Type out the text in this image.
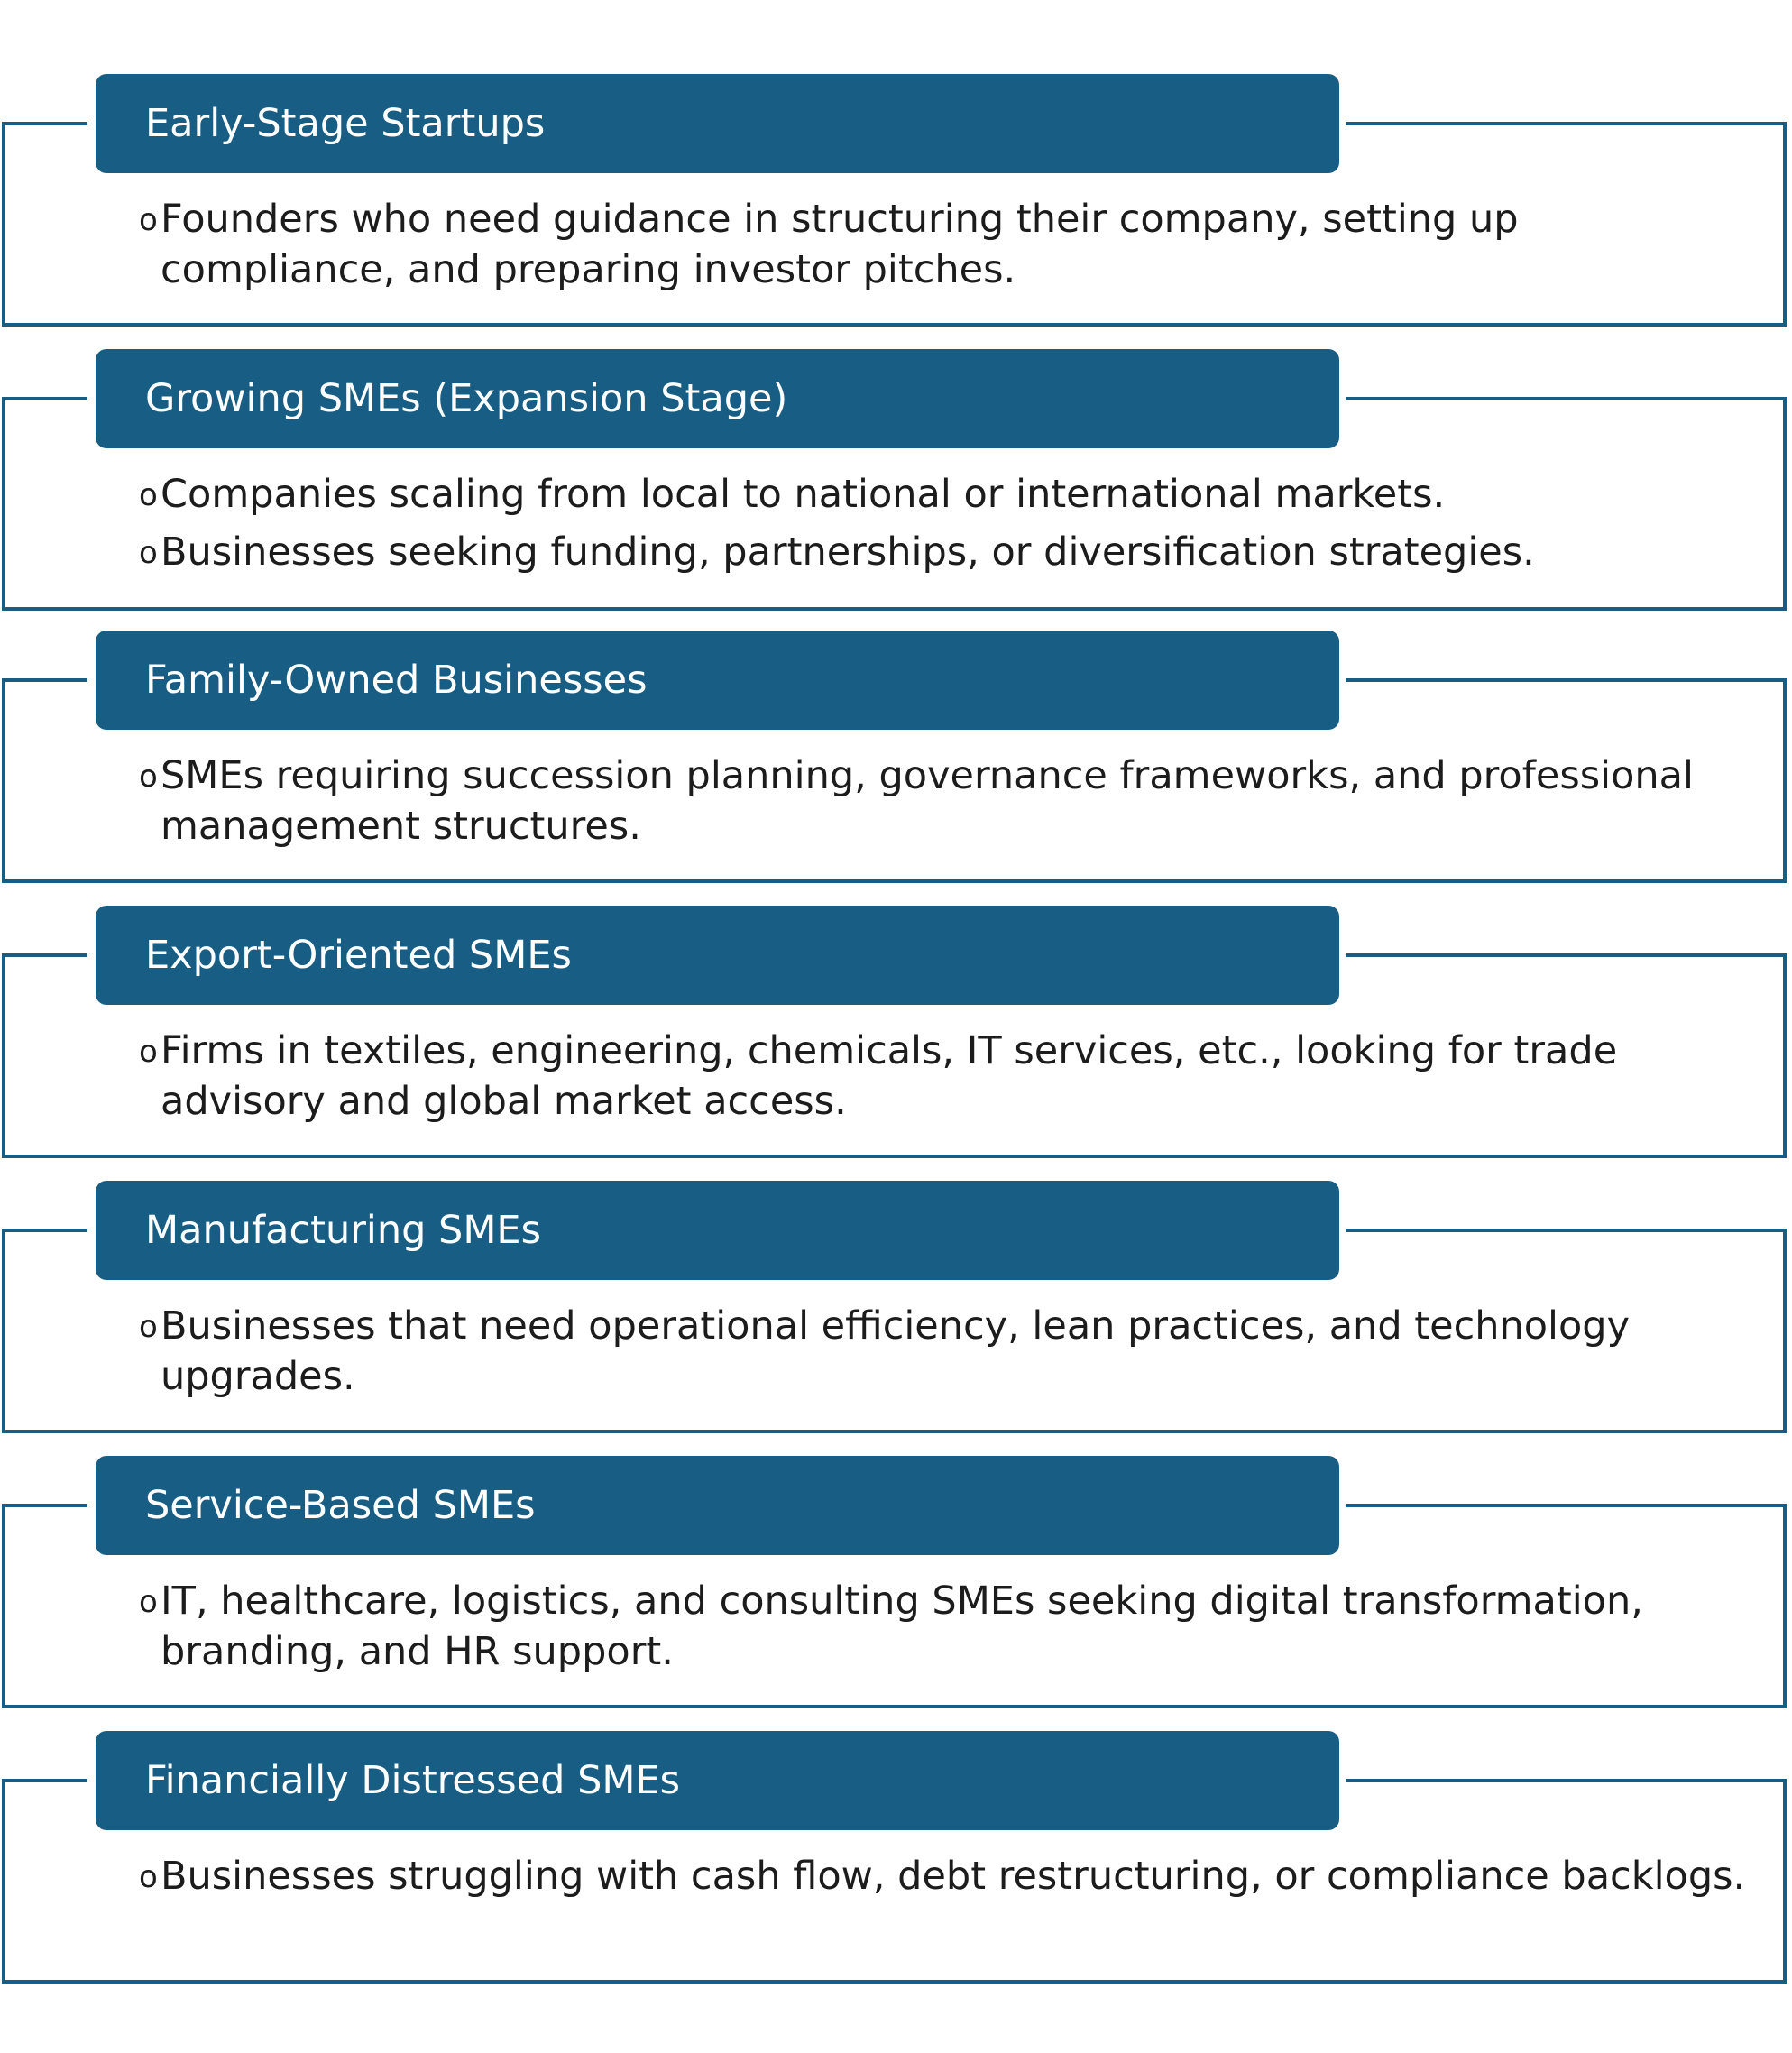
Early-Stage Startups
oFounders who need guidance in structuring their company, setting up compliance, and preparing investor pitches.
Growing SMEs (Expansion Stage)
oCompanies scaling from local to national or international markets.
oBusinesses seeking funding, partnerships, or diversification strategies.
Family-Owned Businesses
oSMEs requiring succession planning, governance frameworks, and professional management structures.
Export-Oriented SMEs
oFirms in textiles, engineering, chemicals, IT services, etc., looking for trade advisory and global market access.
Manufacturing SMEs
oBusinesses that need operational efficiency, lean practices, and technology upgrades.
Service-Based SMEs
oIT, healthcare, logistics, and consulting SMEs seeking digital transformation, branding, and HR support.
Financially Distressed SMEs
oBusinesses struggling with cash flow, debt restructuring, or compliance backlogs.
